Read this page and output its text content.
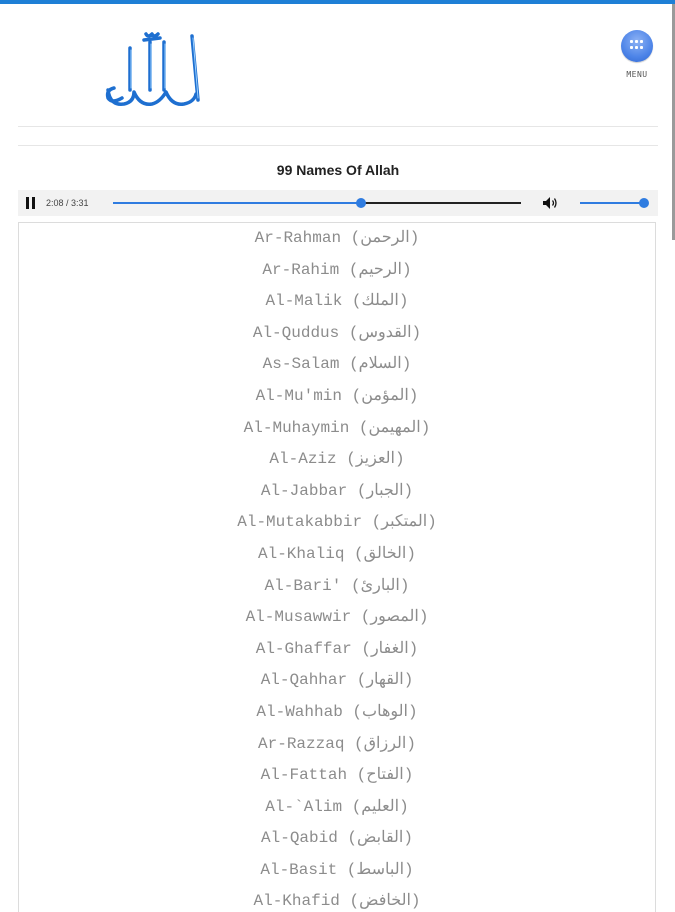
MENU
99 Names Of Allah
2:08 / 3:31
Ar-Rahman (الرحمن)
Ar-Rahim (الرحيم)
Al-Malik (الملك)
Al-Quddus (القدوس)
As-Salam (السلام)
Al-Mu'min (المؤمن)
Al-Muhaymin (المهيمن)
Al-Aziz (العزيز)
Al-Jabbar (الجبار)
Al-Mutakabbir (المتكبر)
Al-Khaliq (الخالق)
Al-Bari' (البارئ)
Al-Musawwir (المصور)
Al-Ghaffar (الغفار)
Al-Qahhar (القهار)
Al-Wahhab (الوهاب)
Ar-Razzaq (الرزاق)
Al-Fattah (الفتاح)
Al-`Alim (العليم)
Al-Qabid (القابض)
Al-Basit (الباسط)
Al-Khafid (الخافض)
